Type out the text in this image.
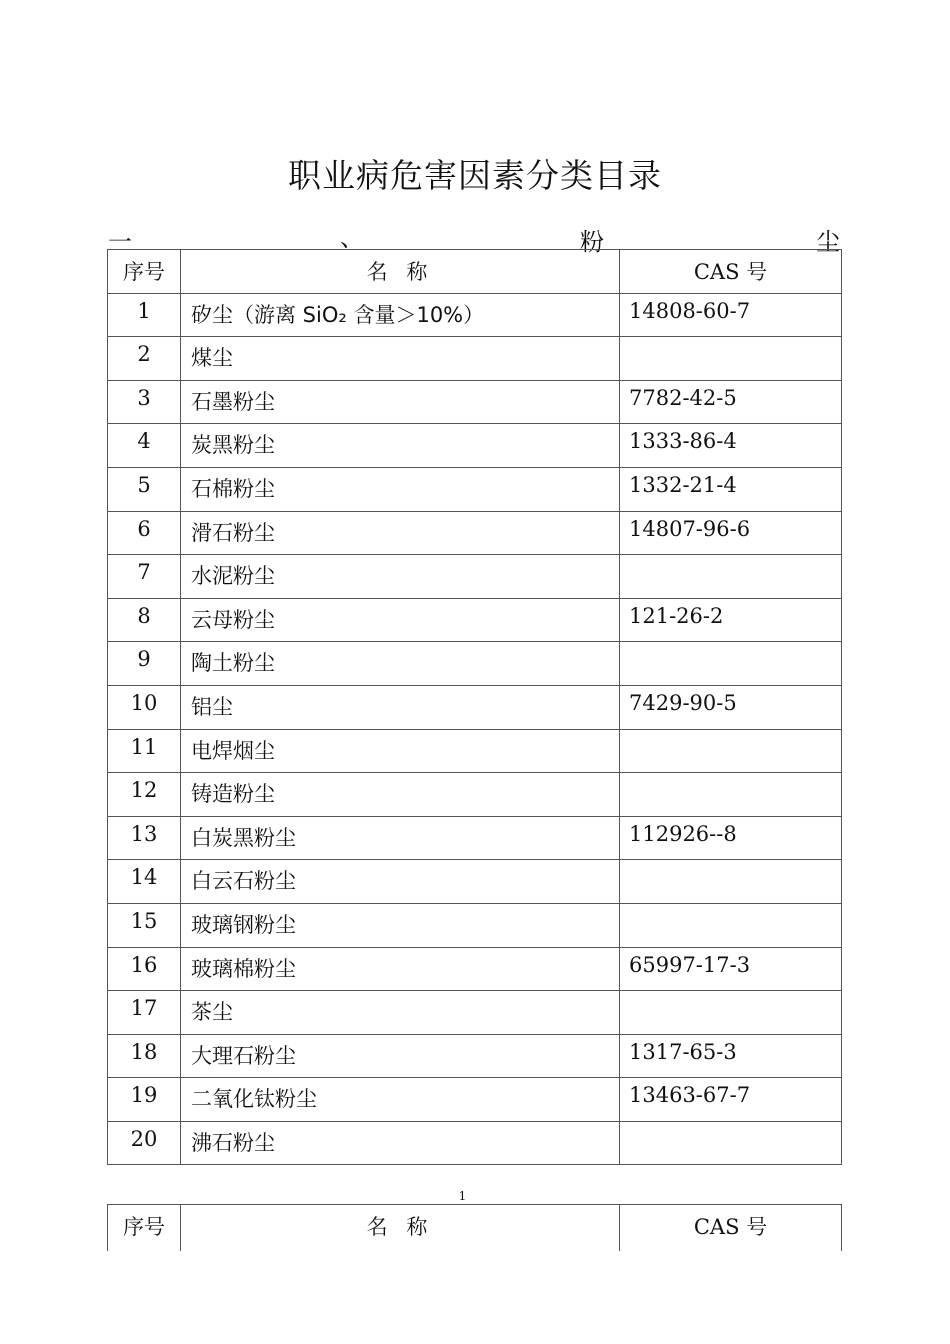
职业病危害因素分类目录
一	、	粉	尘
序号	名 称	CAS 号
1	矽尘（游离 SiO₂ 含量＞10%）	14808-60-7
2	煤尘	
3	石墨粉尘	7782-42-5
4	炭黑粉尘	1333-86-4
5	石棉粉尘	1332-21-4
6	滑石粉尘	14807-96-6
7	水泥粉尘	
8	云母粉尘	121-26-2
9	陶土粉尘	
10	铝尘	7429-90-5
11	电焊烟尘	
12	铸造粉尘	
13	白炭黑粉尘	112926--8
14	白云石粉尘	
15	玻璃钢粉尘	
16	玻璃棉粉尘	65997-17-3
17	茶尘	
18	大理石粉尘	1317-65-3
19	二氧化钛粉尘	13463-67-7
20	沸石粉尘	
1
序号	名 称	CAS 号
